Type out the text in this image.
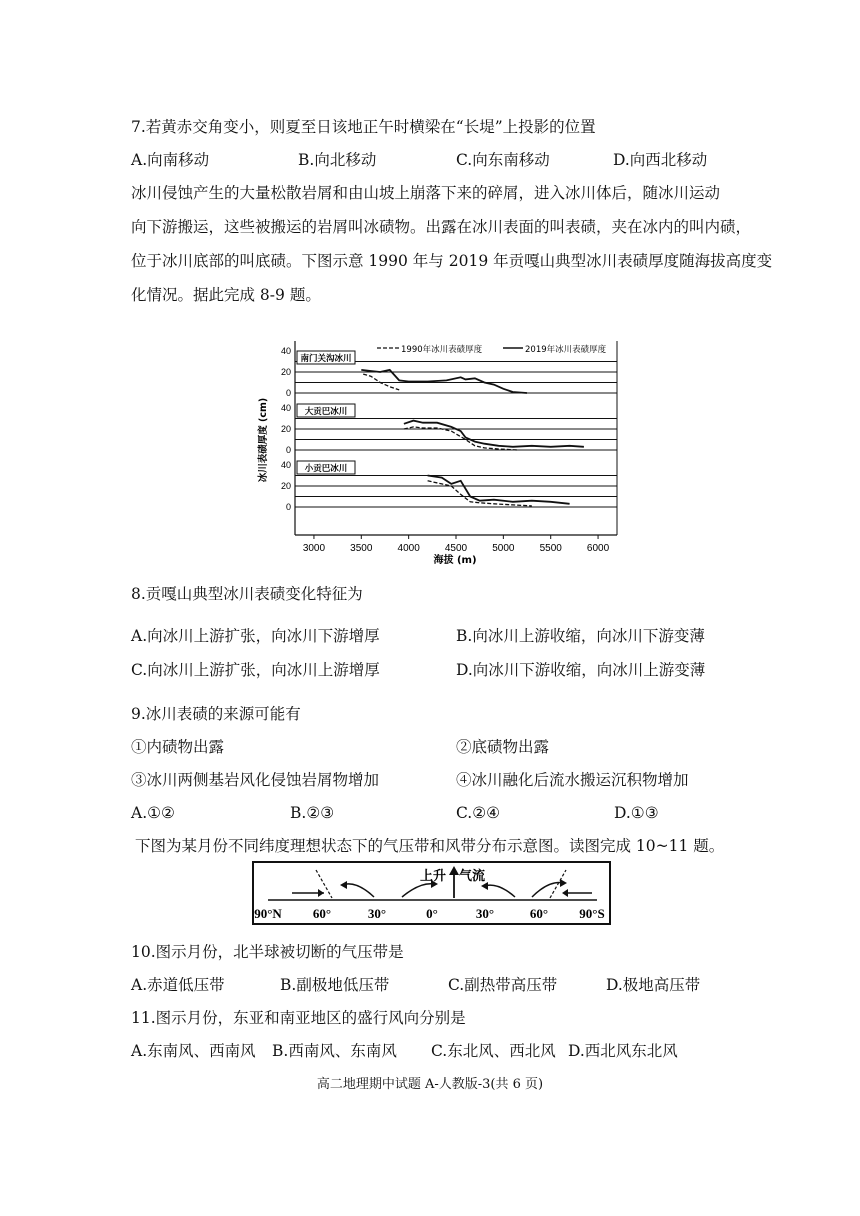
7.若黄赤交角变小，则夏至日该地正午时横梁在“长堤”上投影的位置
A.向南移动	B.向北移动	C.向东南移动	D.向西北移动
冰川侵蚀产生的大量松散岩屑和由山坡上崩落下来的碎屑，进入冰川体后，随冰川运动
向下游搬运，这些被搬运的岩屑叫冰碛物。出露在冰川表面的叫表碛，夹在冰内的叫内碛，
位于冰川底部的叫底碛。下图示意 1990 年与 2019 年贡嘎山典型冰川表碛厚度随海拔高度变
化情况。据此完成 8-9 题。
3000	3500	4000	4500	5000	5500	6000
海拔 (m)
冰川表碛厚度 (cm)
1990年冰川表碛厚度	2019年冰川表碛厚度
0
20
40
南门关沟冰川
0
20
40 大贡巴冰川
0
20
40 小贡巴冰川
8.贡嘎山典型冰川表碛变化特征为
A.向冰川上游扩张，向冰川下游增厚	B.向冰川上游收缩，向冰川下游变薄
C.向冰川上游扩张，向冰川上游增厚	D.向冰川下游收缩，向冰川上游变薄
9.冰川表碛的来源可能有
①内碛物出露	②底碛物出露
③冰川两侧基岩风化侵蚀岩屑物增加	④冰川融化后流水搬运沉积物增加
A.①②	B.②③	C.②④	D.①③
下图为某月份不同纬度理想状态下的气压带和风带分布示意图。读图完成 10~11 题。
上升 气流
90°N 60°	30°	0°	30°	60° 90°S
10.图示月份，北半球被切断的气压带是
A.赤道低压带	B.副极地低压带	C.副热带高压带	D.极地高压带
11.图示月份，东亚和南亚地区的盛行风向分别是
A.东南风、西南风 B.西南风、东南风 C.东北风、西北风 D.西北风东北风
高二地理期中试题 A-人教版-3(共 6 页)
